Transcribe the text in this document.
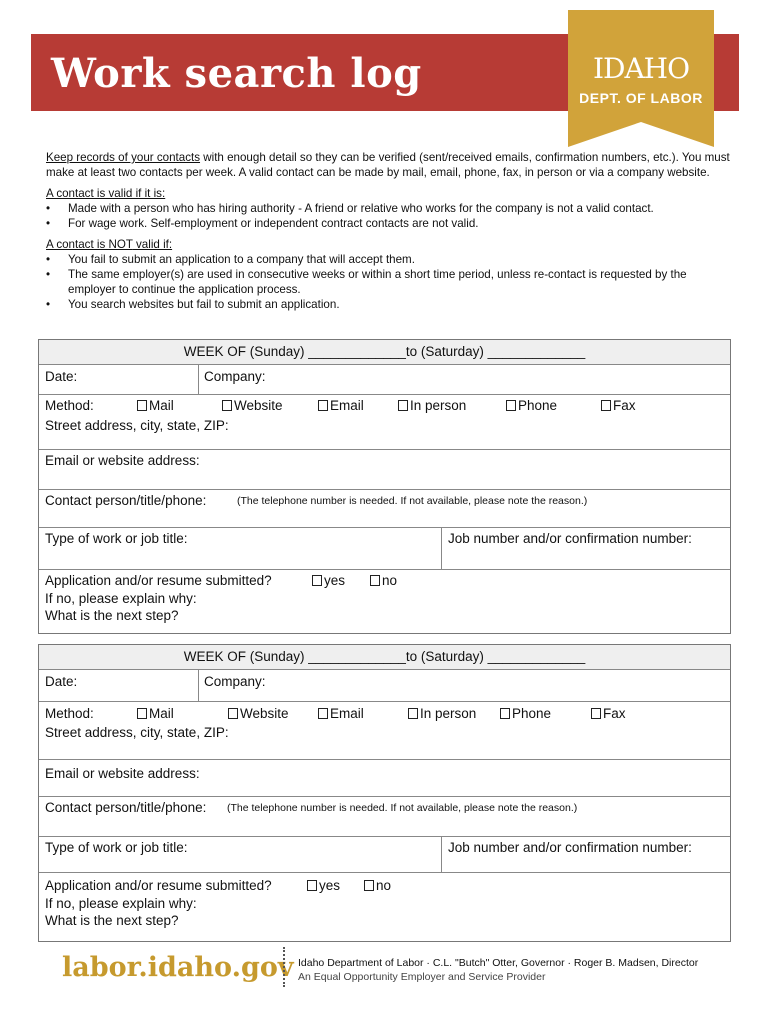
Work search log	IDAHO
DEPT. OF LABOR

Keep records of your contacts with enough detail so they can be verified (sent/received emails, confirmation numbers, etc.). You must make at least two contacts per week. A valid contact can be made by mail, email, phone, fax, in person or via a company website.

A contact is valid if it is:
• Made with a person who has hiring authority - A friend or relative who works for the company is not a valid contact.
• For wage work. Self-employment or independent contract contacts are not valid.
A contact is NOT valid if:
• You fail to submit an application to a company that will accept them.
• The same employer(s) are used in consecutive weeks or within a short time period, unless re-contact is requested by the employer to continue the application process.
• You search websites but fail to submit an application.
WEEK OF (Sunday) _____________to (Saturday) _____________
Date:	Company:
Method:	Mail	Website	Email	In person	Phone	Fax
Street address, city, state, ZIP:
Email or website address:
Contact person/title/phone:	(The telephone number is needed. If not available, please note the reason.)
Type of work or job title:	Job number and/or confirmation number:
Application and/or resume submitted?	yes	no
If no, please explain why:
What is the next step?
WEEK OF (Sunday) _____________to (Saturday) _____________
Date:	Company:
Method:	Mail	Website	Email	In person	Phone	Fax
Street address, city, state, ZIP:
Email or website address:
Contact person/title/phone: (The telephone number is needed. If not available, please note the reason.)
Type of work or job title:	Job number and/or confirmation number:
Application and/or resume submitted?	yes	no
If no, please explain why:
What is the next step?
labor.idaho.gov Idaho Department of Labor · C.L. "Butch" Otter, Governor · Roger B. Madsen, Director
An Equal Opportunity Employer and Service Provider
